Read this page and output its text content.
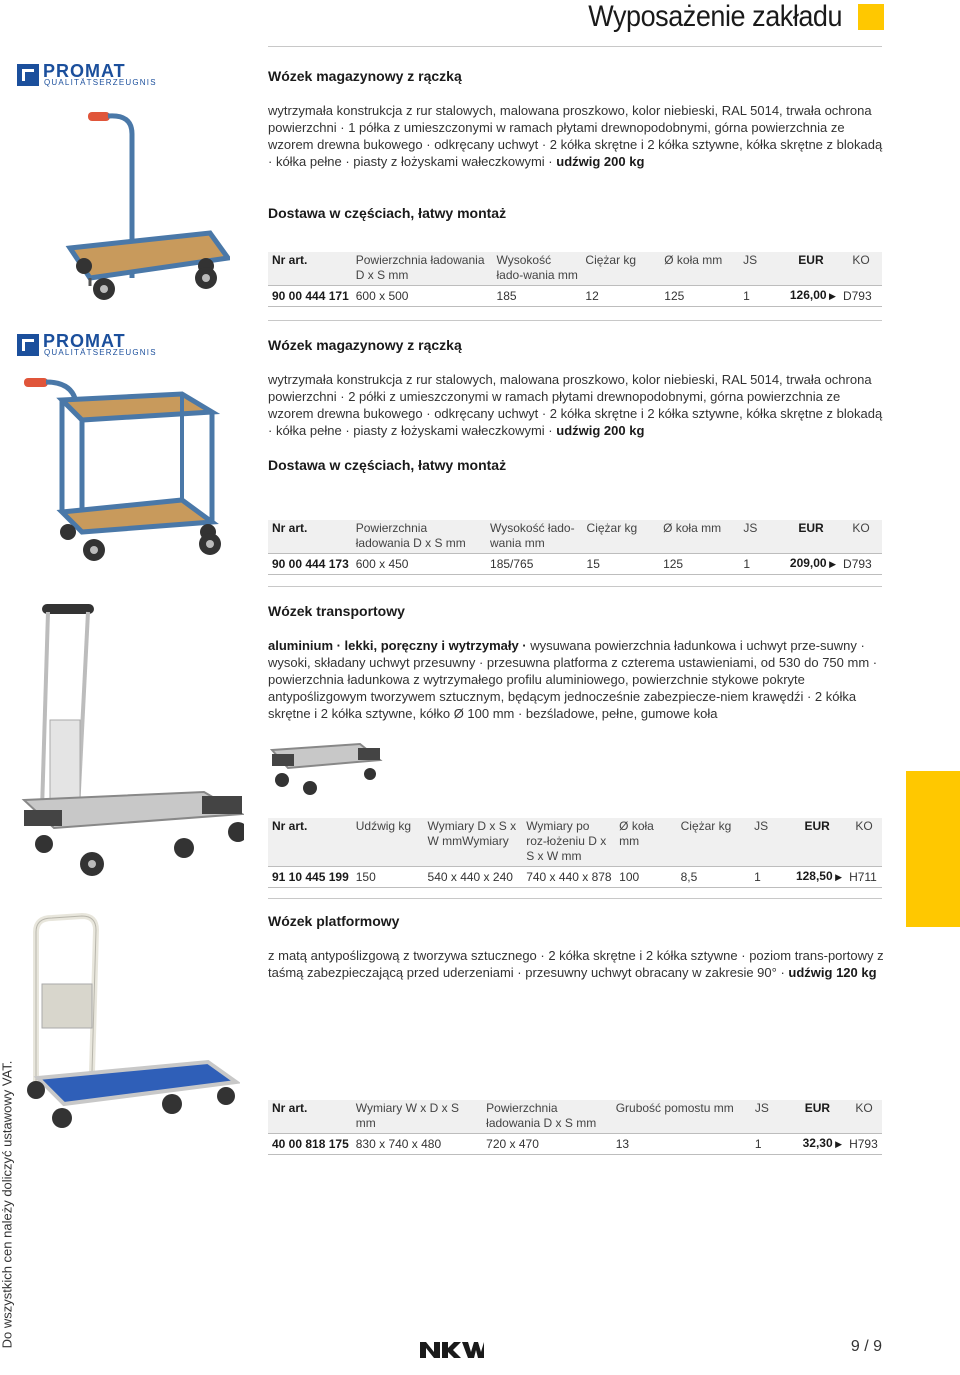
Wyposażenie zakładu
Do wszystkich cen należy doliczyć ustawowy VAT.
PROMAT
QUALITÄTSERZEUGNIS	Wózek magazynowy z rączką
wytrzymała konstrukcja z rur stalowych, malowana proszkowo, kolor niebieski, RAL 5014, trwała ochrona powierzchni · 1 półka z umieszczonymi w ramach płytami drewnopodobnymi, górna powierzchnia ze wzorem drewna bukowego · odkręcany uchwyt · 2 kółka skrętne i 2 kółka sztywne, kółka skrętne z blokadą · kółka pełne · piasty z łożyskami wałeczkowymi · udźwig 200 kg
Dostawa w częściach, łatwy montaż
Nr art.	Powierzchnia ładowania D x S mm	Wysokość łado-wania mm	Ciężar kg	Ø koła mm	JS	EUR	KO
90 00 444 171	600 x 500	185	12	125	1	126,00 ▶	D793
PROMAT
QUALITÄTSERZEUGNIS	Wózek magazynowy z rączką
wytrzymała konstrukcja z rur stalowych, malowana proszkowo, kolor niebieski, RAL 5014, trwała ochrona powierzchni · 2 półki z umieszczonymi w ramach płytami drewnopodobnymi, górna powierzchnia ze wzorem drewna bukowego · odkręcany uchwyt · 2 kółka skrętne i 2 kółka sztywne, kółka skrętne z blokadą · kółka pełne · piasty z łożyskami wałeczkowymi · udźwig 200 kg
Dostawa w częściach, łatwy montaż
Nr art.	Powierzchnia ładowania D x S mm	Wysokość łado-wania mm	Ciężar kg	Ø koła mm	JS	EUR	KO
90 00 444 173	600 x 450	185/765	15	125	1	209,00 ▶	D793
Wózek transportowy
aluminium · lekki, poręczny i wytrzymały · wysuwana powierzchnia ładunkowa i uchwyt prze-suwny · wysoki, składany uchwyt przesuwny · przesuwna platforma z czterema ustawieniami, od 530 do 750 mm · powierzchnia ładunkowa z wytrzymałego profilu aluminiowego, powierzchnie stykowe pokryte antypoślizgowym tworzywem sztucznym, będącym jednocześnie zabezpiecze-niem krawędźi · 2 kółka skrętne i 2 kółka sztywne, kółko Ø 100 mm · bezśladowe, pełne, gumowe koła
Nr art.	Udźwig kg	Wymiary D x S x W mmWymiary	Wymiary po roz-łożeniu D x S x W mm	Ø koła mm	Ciężar kg	JS	EUR	KO
91 10 445 199	150	540 x 440 x 240	740 x 440 x 878	100	8,5	1	128,50 ▶	H711
Wózek platformowy
z matą antypoślizgową z tworzywa sztucznego · 2 kółka skrętne i 2 kółka sztywne · poziom trans-portowy z taśmą zabezpieczającą przed uderzeniami · przesuwny uchwyt obracany w zakresie 90° · udźwig 120 kg
Nr art.	Wymiary W x D x S mm	Powierzchnia ładowania D x S mm	Grubość pomostu mm	JS	EUR	KO
40 00 818 175	830 x 740 x 480	720 x 470	13	1	32,30 ▶	H793
9 / 9
